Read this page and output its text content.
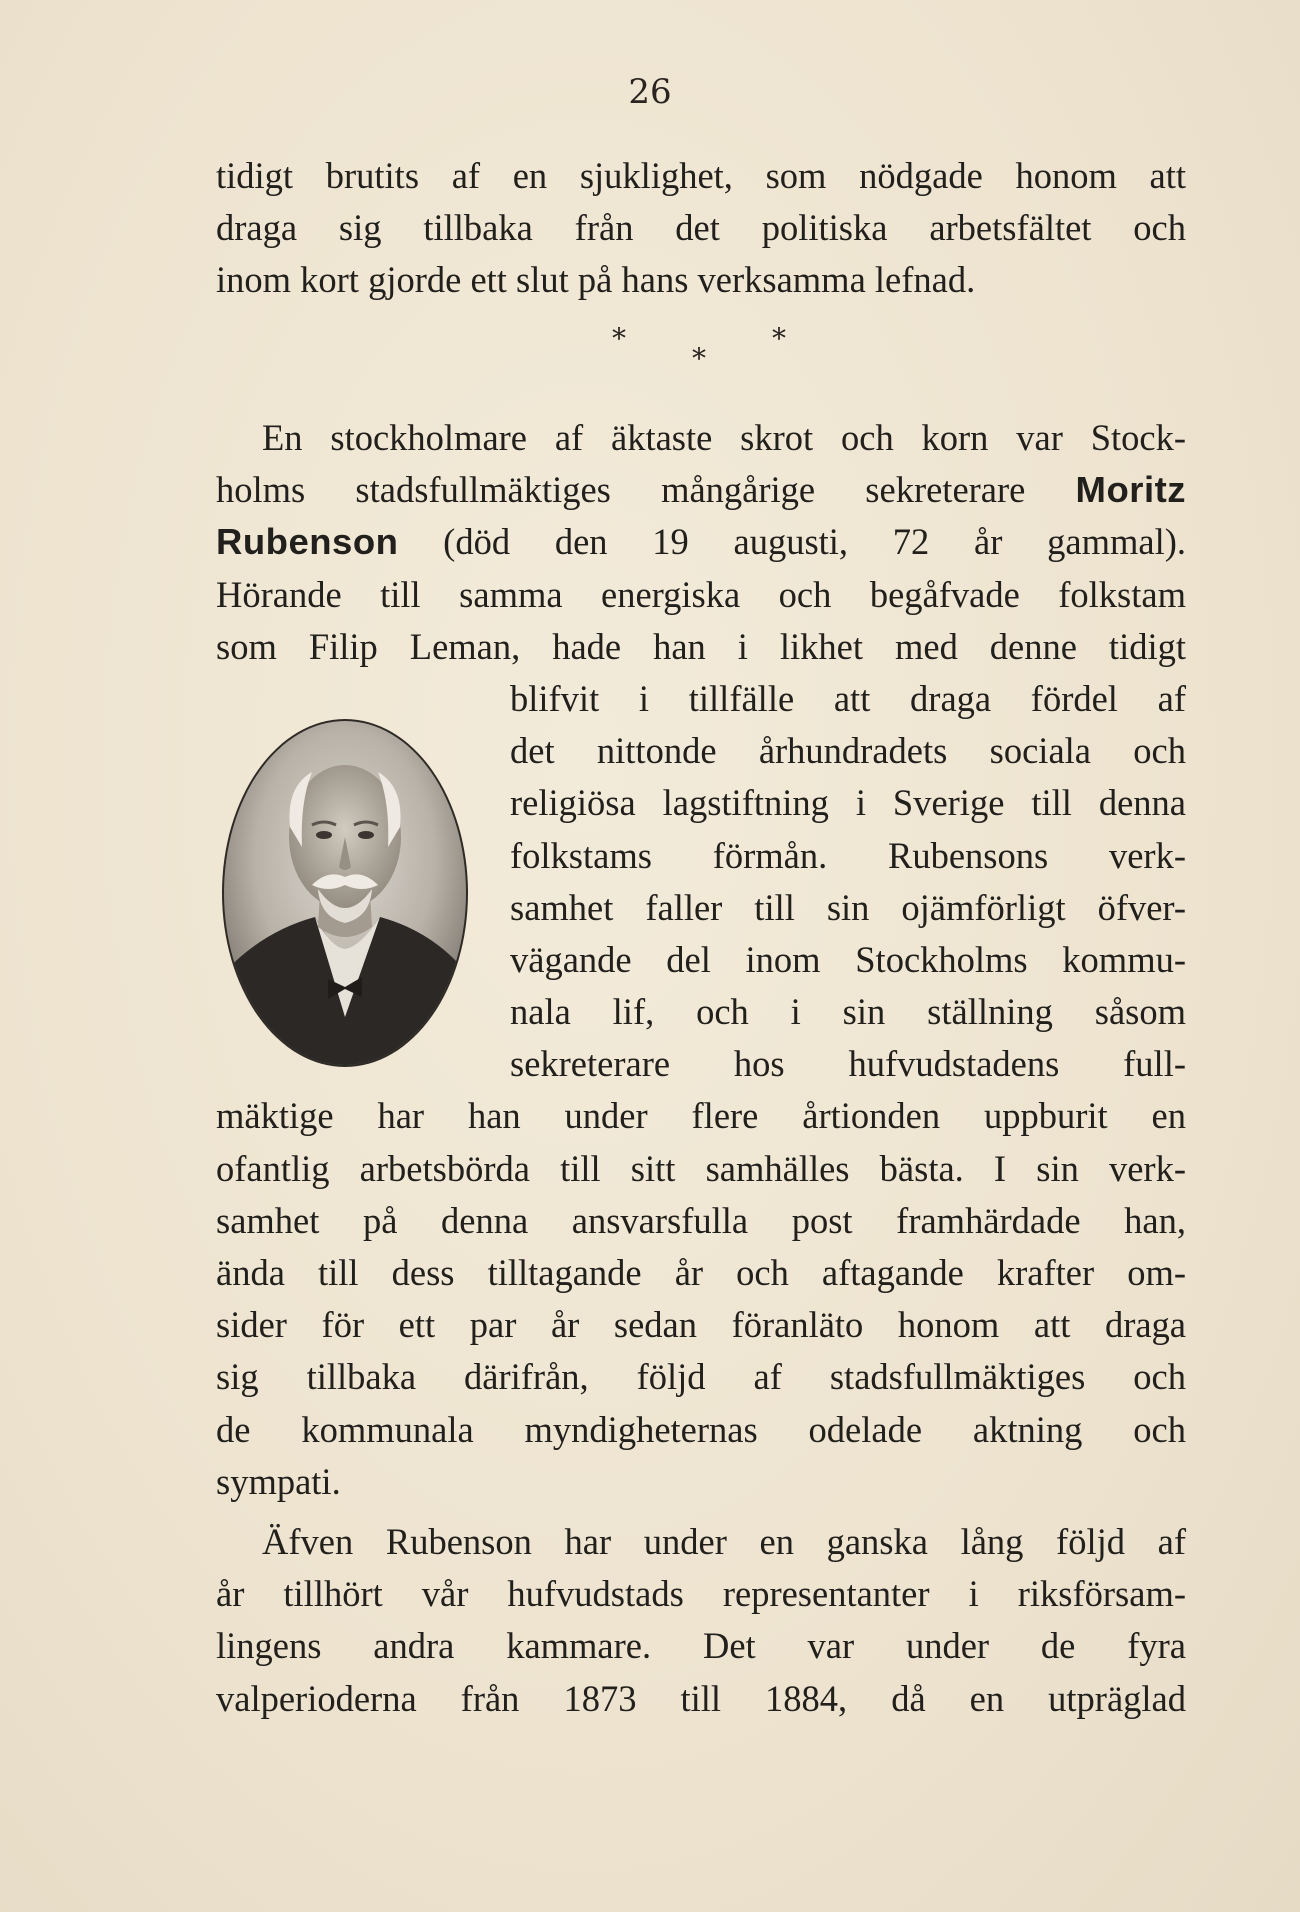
26
tidigt brutits af en sjuklighet, som nödgade honom att
draga sig tillbaka från det politiska arbetsfältet och
inom kort gjorde ett slut på hans verksamma lefnad.
*
*
*
En stockholmare af äktaste skrot och korn var Stock-
holms stadsfullmäktiges mångårige sekreterare Moritz
Rubenson (död den 19 augusti, 72 år gammal).
Hörande till samma energiska och begåfvade folkstam
som Filip Leman, hade han i likhet med denne tidigt
blifvit i tillfälle att draga fördel af
det nittonde århundradets sociala och
religiösa lagstiftning i Sverige till denna
folkstams förmån. Rubensons verk-
samhet faller till sin ojämförligt öfver-
vägande del inom Stockholms kommu-
nala lif, och i sin ställning såsom
sekreterare hos hufvudstadens full-
mäktige har han under flere årtionden uppburit en
ofantlig arbetsbörda till sitt samhälles bästa. I sin verk-
samhet på denna ansvarsfulla post framhärdade han,
ända till dess tilltagande år och aftagande krafter om-
sider för ett par år sedan föranläto honom att draga
sig tillbaka därifrån, följd af stadsfullmäktiges och
de kommunala myndigheternas odelade aktning och
sympati.
Äfven Rubenson har under en ganska lång följd af
år tillhört vår hufvudstads representanter i riksförsam-
lingens andra kammare. Det var under de fyra
valperioderna från 1873 till 1884, då en utpräglad
